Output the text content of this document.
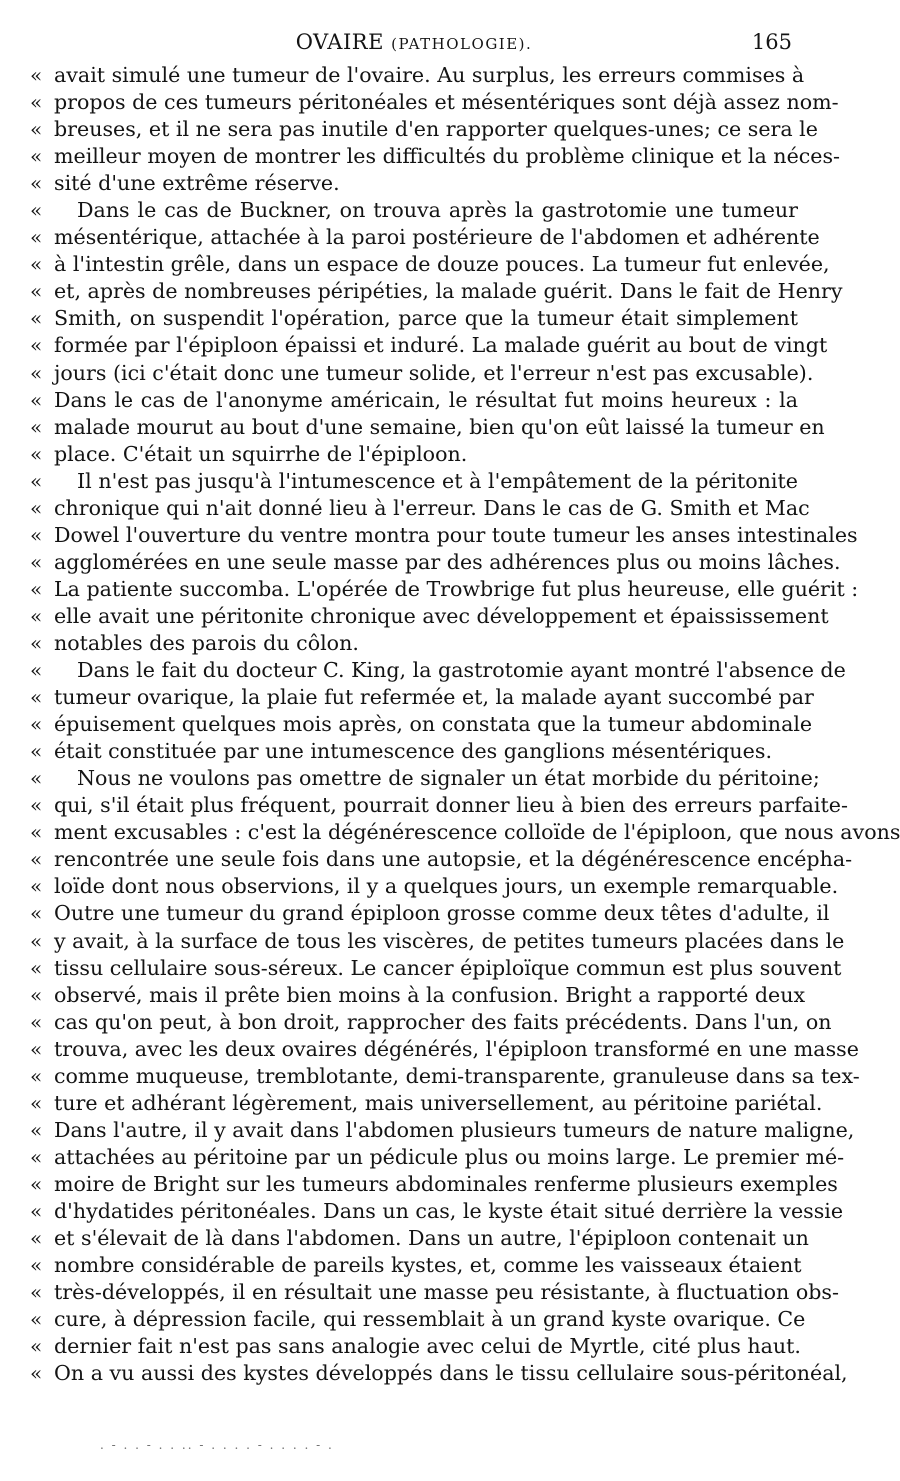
OVAIRE (PATHOLOGIE).	165
« avait simulé une tumeur de l'ovaire. Au surplus, les erreurs commises à
« propos de ces tumeurs péritonéales et mésentériques sont déjà assez nom-
« breuses, et il ne sera pas inutile d'en rapporter quelques-unes; ce sera le
« meilleur moyen de montrer les difficultés du problème clinique et la néces-
« sité d'une extrême réserve.
«	Dans le cas de Buckner, on trouva après la gastrotomie une tumeur
« mésentérique, attachée à la paroi postérieure de l'abdomen et adhérente
« à l'intestin grêle, dans un espace de douze pouces. La tumeur fut enlevée,
« et, après de nombreuses péripéties, la malade guérit. Dans le fait de Henry
« Smith, on suspendit l'opération, parce que la tumeur était simplement
« formée par l'épiploon épaissi et induré. La malade guérit au bout de vingt
« jours (ici c'était donc une tumeur solide, et l'erreur n'est pas excusable).
« Dans le cas de l'anonyme américain, le résultat fut moins heureux : la
« malade mourut au bout d'une semaine, bien qu'on eût laissé la tumeur en
« place. C'était un squirrhe de l'épiploon.
«	Il n'est pas jusqu'à l'intumescence et à l'empâtement de la péritonite
« chronique qui n'ait donné lieu à l'erreur. Dans le cas de G. Smith et Mac
« Dowel l'ouverture du ventre montra pour toute tumeur les anses intestinales
« agglomérées en une seule masse par des adhérences plus ou moins lâches.
« La patiente succomba. L'opérée de Trowbrige fut plus heureuse, elle guérit :
« elle avait une péritonite chronique avec développement et épaississement
« notables des parois du côlon.
«	Dans le fait du docteur C. King, la gastrotomie ayant montré l'absence de
« tumeur ovarique, la plaie fut refermée et, la malade ayant succombé par
« épuisement quelques mois après, on constata que la tumeur abdominale
« était constituée par une intumescence des ganglions mésentériques.
«	Nous ne voulons pas omettre de signaler un état morbide du péritoine;
« qui, s'il était plus fréquent, pourrait donner lieu à bien des erreurs parfaite-
« ment excusables : c'est la dégénérescence colloïde de l'épiploon, que nous avons
« rencontrée une seule fois dans une autopsie, et la dégénérescence encépha-
« loïde dont nous observions, il y a quelques jours, un exemple remarquable.
« Outre une tumeur du grand épiploon grosse comme deux têtes d'adulte, il
« y avait, à la surface de tous les viscères, de petites tumeurs placées dans le
« tissu cellulaire sous-séreux. Le cancer épiploïque commun est plus souvent
« observé, mais il prête bien moins à la confusion. Bright a rapporté deux
« cas qu'on peut, à bon droit, rapprocher des faits précédents. Dans l'un, on
« trouva, avec les deux ovaires dégénérés, l'épiploon transformé en une masse
« comme muqueuse, tremblotante, demi-transparente, granuleuse dans sa tex-
« ture et adhérant légèrement, mais universellement, au péritoine pariétal.
« Dans l'autre, il y avait dans l'abdomen plusieurs tumeurs de nature maligne,
« attachées au péritoine par un pédicule plus ou moins large. Le premier mé-
« moire de Bright sur les tumeurs abdominales renferme plusieurs exemples
« d'hydatides péritonéales. Dans un cas, le kyste était situé derrière la vessie
« et s'élevait de là dans l'abdomen. Dans un autre, l'épiploon contenait un
« nombre considérable de pareils kystes, et, comme les vaisseaux étaient
« très-développés, il en résultait une masse peu résistante, à fluctuation obs-
« cure, à dépression facile, qui ressemblait à un grand kyste ovarique. Ce
« dernier fait n'est pas sans analogie avec celui de Myrtle, cité plus haut.
« On a vu aussi des kystes développés dans le tissu cellulaire sous-péritonéal,
. - . . - . . .. - . . . . - . . . . - .
